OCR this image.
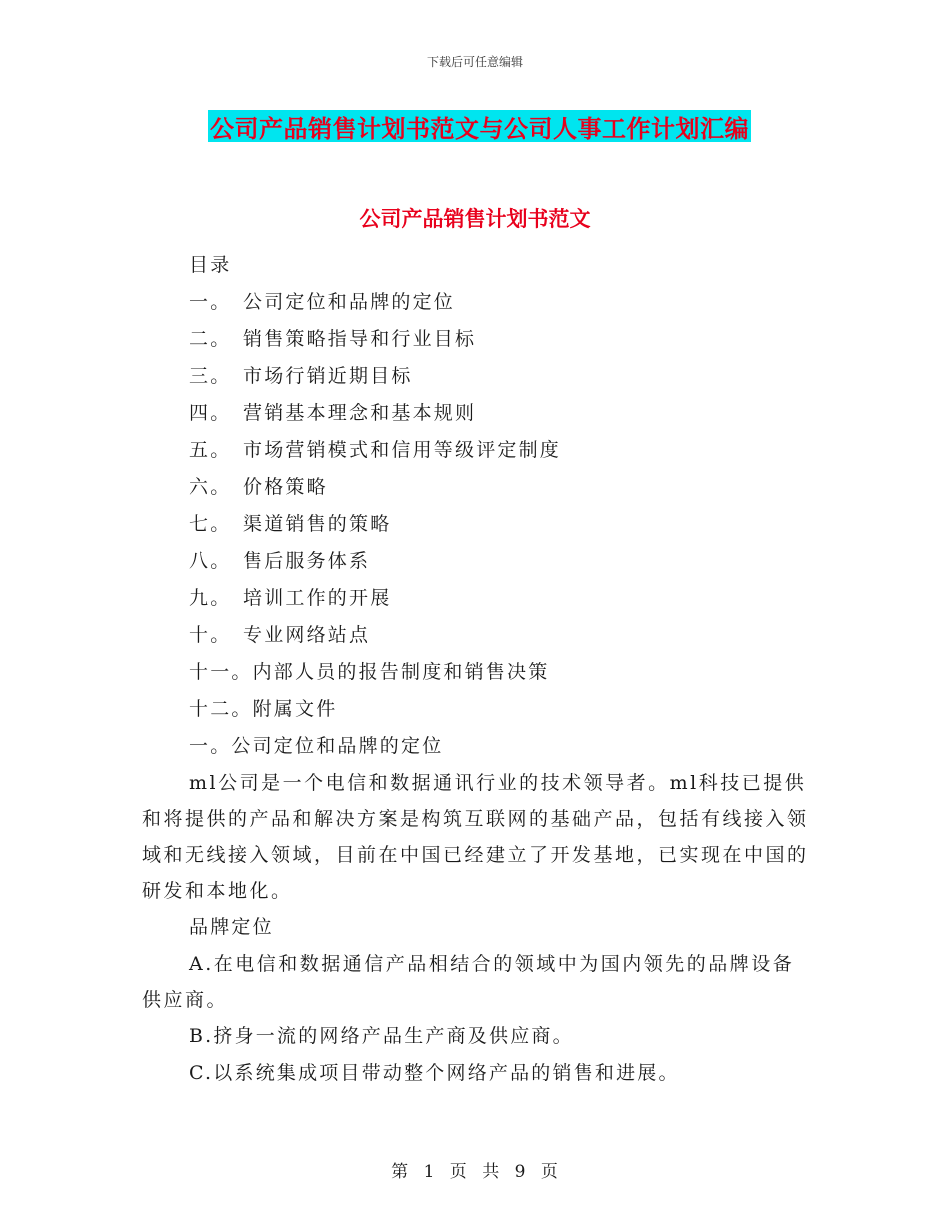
下载后可任意编辑
公司产品销售计划书范文与公司人事工作计划汇编
公司产品销售计划书范文
目录
一。 公司定位和品牌的定位
二。 销售策略指导和行业目标
三。 市场行销近期目标
四。 营销基本理念和基本规则
五。 市场营销模式和信用等级评定制度
六。 价格策略
七。 渠道销售的策略
八。 售后服务体系
九。 培训工作的开展
十。 专业网络站点
十一。内部人员的报告制度和销售决策
十二。附属文件
一。公司定位和品牌的定位

ml公司是一个电信和数据通讯行业的技术领导者。ml科技已提供和将提供的产品和解决方案是构筑互联网的基础产品，包括有线接入领域和无线接入领域，目前在中国已经建立了开发基地，已实现在中国的研发和本地化。

品牌定位

A.在电信和数据通信产品相结合的领域中为国内领先的品牌设备供应商。

B.挤身一流的网络产品生产商及供应商。
C.以系统集成项目带动整个网络产品的销售和进展。
第 1 页 共 9 页
